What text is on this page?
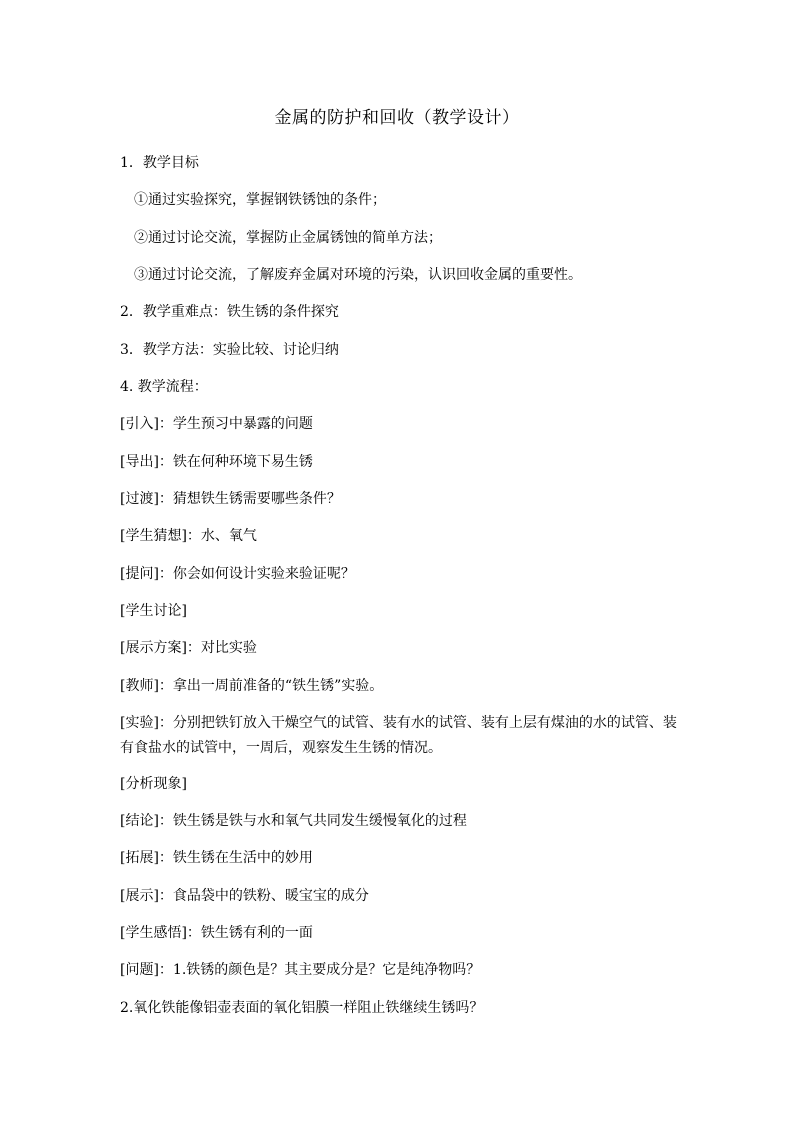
金属的防护和回收（教学设计）
1．教学目标
①通过实验探究，掌握钢铁锈蚀的条件；
②通过讨论交流，掌握防止金属锈蚀的简单方法；
③通过讨论交流，了解废弃金属对环境的污染，认识回收金属的重要性。
2．教学重难点：铁生锈的条件探究
3．教学方法：实验比较、讨论归纳
4. 教学流程：
[引入]：学生预习中暴露的问题
[导出]：铁在何种环境下易生锈
[过渡]：猜想铁生锈需要哪些条件？
[学生猜想]：水、氧气
[提问]：你会如何设计实验来验证呢？
[学生讨论]
[展示方案]：对比实验
[教师]：拿出一周前准备的“铁生锈”实验。
[实验]：分别把铁钉放入干燥空气的试管、装有水的试管、装有上层有煤油的水的试管、装有食盐水的试管中，一周后，观察发生生锈的情况。
[分析现象]
[结论]：铁生锈是铁与水和氧气共同发生缓慢氧化的过程
[拓展]：铁生锈在生活中的妙用
[展示]：食品袋中的铁粉、暖宝宝的成分
[学生感悟]：铁生锈有利的一面
[问题]：1.铁锈的颜色是？其主要成分是？它是纯净物吗？
2.氧化铁能像铝壶表面的氧化铝膜一样阻止铁继续生锈吗？
